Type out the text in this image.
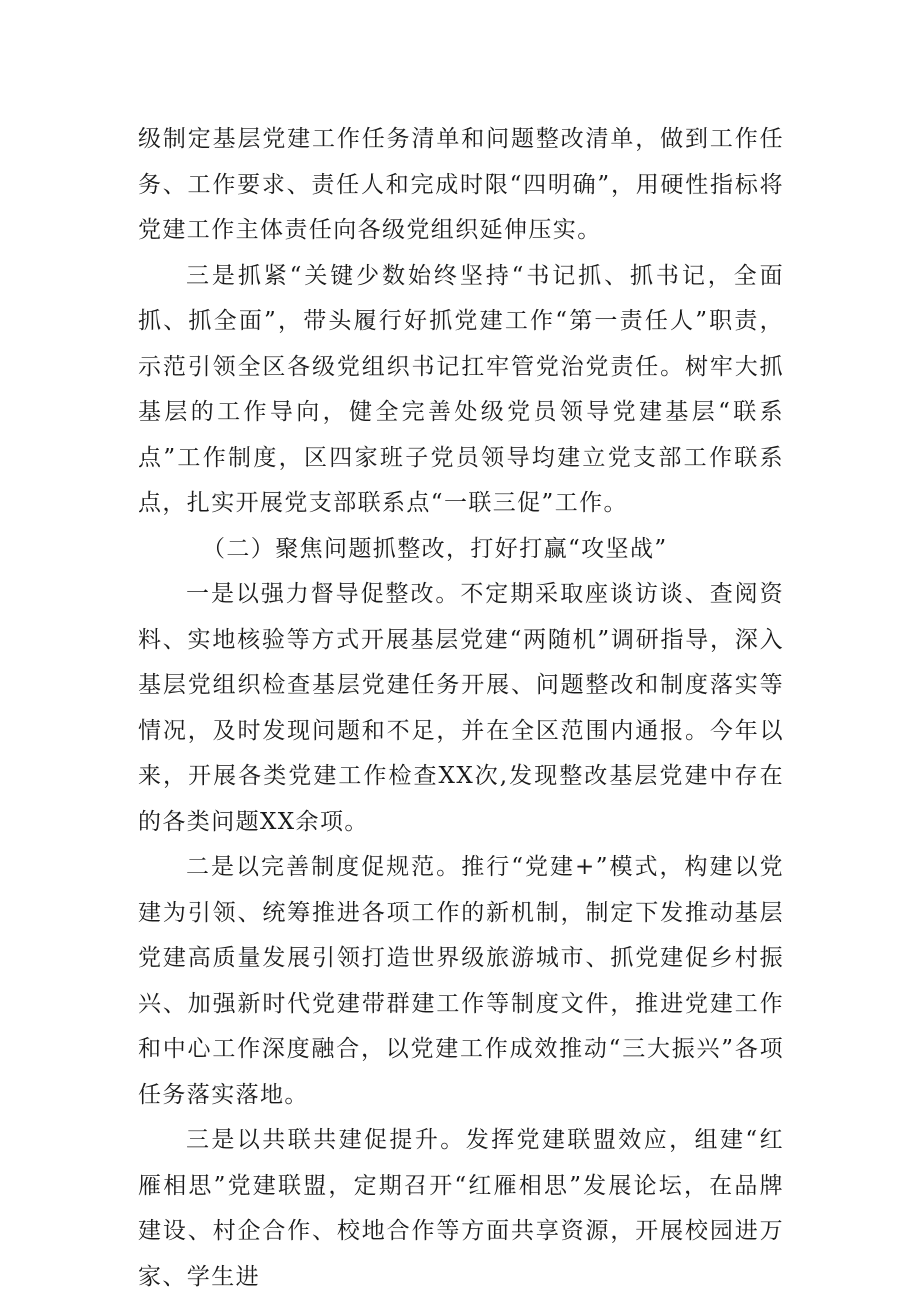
级制定基层党建工作任务清单和问题整改清单，做到工作任务、工作要求、责任人和完成时限“四明确”，用硬性指标将党建工作主体责任向各级党组织延伸压实。

三是抓紧“关键少数始终坚持“书记抓、抓书记，全面抓、抓全面”，带头履行好抓党建工作“第一责任人”职责，示范引领全区各级党组织书记扛牢管党治党责任。树牢大抓基层的工作导向，健全完善处级党员领导党建基层“联系点”工作制度，区四家班子党员领导均建立党支部工作联系点，扎实开展党支部联系点“一联三促”工作。

（二）聚焦问题抓整改，打好打赢“攻坚战”

一是以强力督导促整改。不定期采取座谈访谈、查阅资料、实地核验等方式开展基层党建“两随机”调研指导，深入基层党组织检查基层党建任务开展、问题整改和制度落实等情况，及时发现问题和不足，并在全区范围内通报。今年以来，开展各类党建工作检查XX次,发现整改基层党建中存在的各类问题XX余项。

二是以完善制度促规范。推行“党建+”模式，构建以党建为引领、统筹推进各项工作的新机制，制定下发推动基层党建高质量发展引领打造世界级旅游城市、抓党建促乡村振兴、加强新时代党建带群建工作等制度文件，推进党建工作和中心工作深度融合，以党建工作成效推动“三大振兴”各项任务落实落地。

三是以共联共建促提升。发挥党建联盟效应，组建“红雁相思”党建联盟，定期召开“红雁相思”发展论坛，在品牌建设、村企合作、校地合作等方面共享资源，开展校园进万家、学生进
